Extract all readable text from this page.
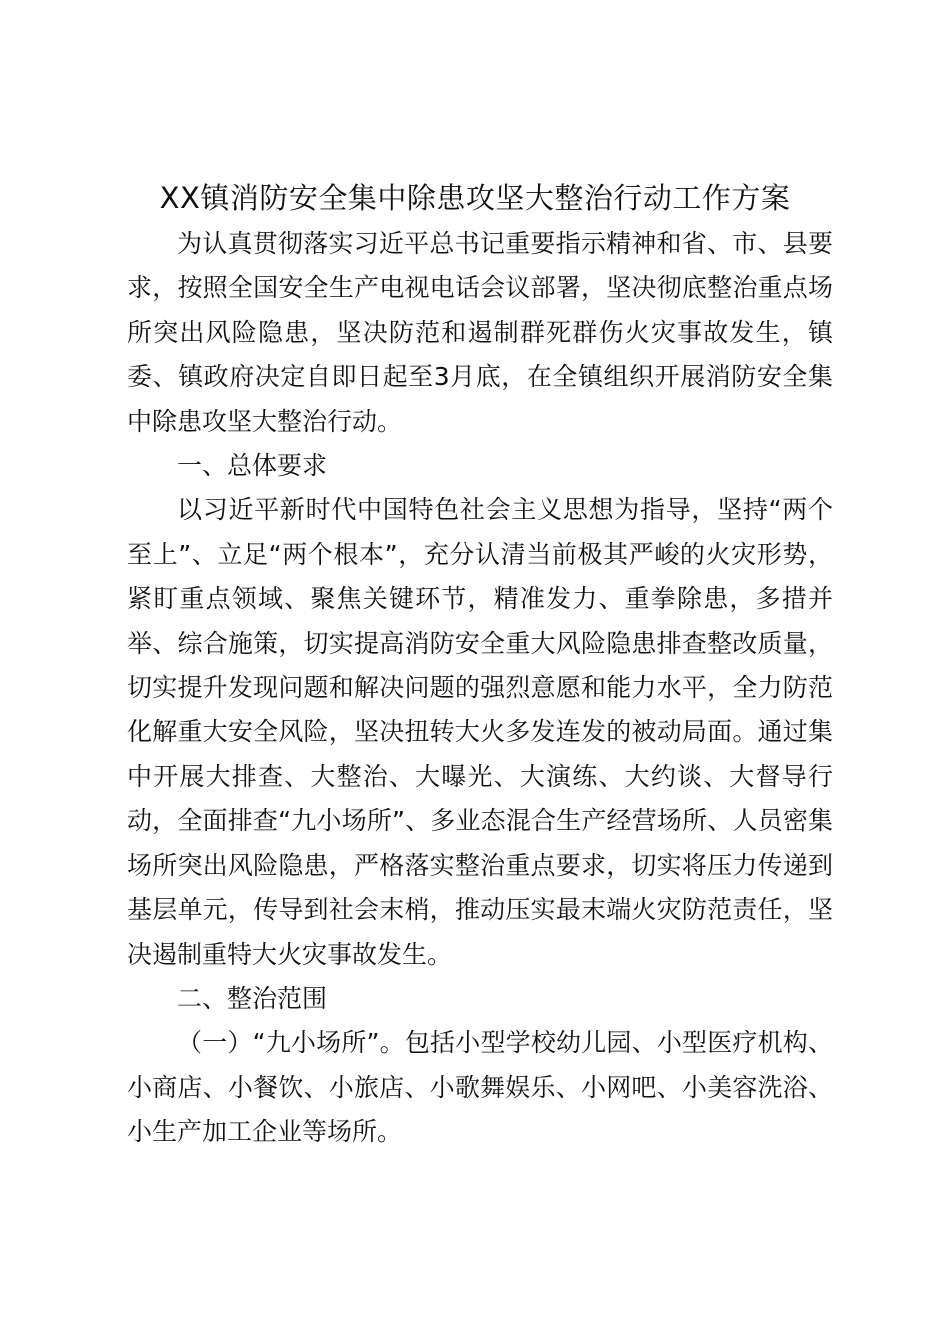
XX镇消防安全集中除患攻坚大整治行动工作方案

为认真贯彻落实习近平总书记重要指示精神和省、市、县要求，按照全国安全生产电视电话会议部署，坚决彻底整治重点场所突出风险隐患，坚决防范和遏制群死群伤火灾事故发生，镇委、镇政府决定自即日起至3月底，在全镇组织开展消防安全集中除患攻坚大整治行动。

一、总体要求

以习近平新时代中国特色社会主义思想为指导，坚持“两个至上”、立足“两个根本”，充分认清当前极其严峻的火灾形势，紧盯重点领域、聚焦关键环节，精准发力、重拳除患，多措并举、综合施策，切实提高消防安全重大风险隐患排查整改质量，切实提升发现问题和解决问题的强烈意愿和能力水平，全力防范化解重大安全风险，坚决扭转大火多发连发的被动局面。通过集中开展大排查、大整治、大曝光、大演练、大约谈、大督导行动，全面排查“九小场所”、多业态混合生产经营场所、人员密集场所突出风险隐患，严格落实整治重点要求，切实将压力传递到基层单元，传导到社会末梢，推动压实最末端火灾防范责任，坚决遏制重特大火灾事故发生。

二、整治范围

（一）“九小场所”。包括小型学校幼儿园、小型医疗机构、小商店、小餐饮、小旅店、小歌舞娱乐、小网吧、小美容洗浴、小生产加工企业等场所。
